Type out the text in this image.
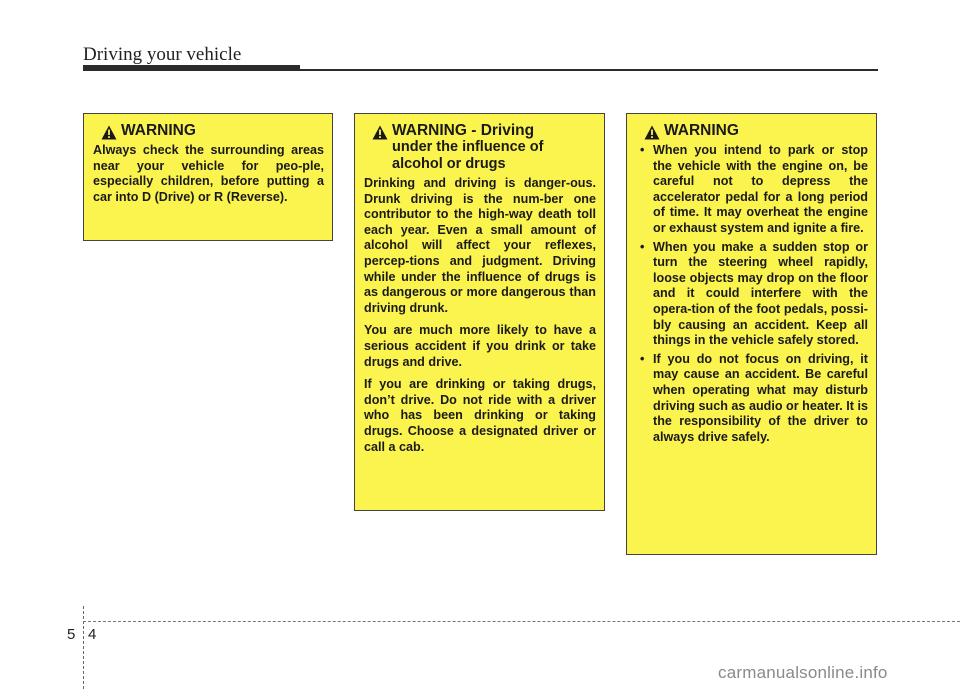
Driving your vehicle
WARNING

Always check the surrounding areas near your vehicle for peo-ple, especially children, before putting a car into D (Drive) or R (Reverse).

WARNING - Driving
under the influence of
alcohol or drugs

Drinking and driving is danger-ous. Drunk driving is the num-ber one contributor to the high-way death toll each year. Even a small amount of alcohol will affect your reflexes, percep-tions and judgment. Driving while under the influence of drugs is as dangerous or more dangerous than driving drunk.

You are much more likely to have a serious accident if you drink or take drugs and drive.

If you are drinking or taking drugs, don’t drive. Do not ride with a driver who has been drinking or taking drugs. Choose a designated driver or call a cab.

WARNING
• When you intend to park or stop the vehicle with the engine on, be careful not to depress the accelerator pedal for a long period of time. It may overheat the engine or exhaust system and ignite a fire.
• When you make a sudden stop or turn the steering wheel rapidly, loose objects may drop on the floor and it could interfere with the opera-tion of the foot pedals, possi-bly causing an accident. Keep all things in the vehicle safely stored.
• If you do not focus on driving, it may cause an accident. Be careful when operating what may disturb driving such as audio or heater. It is the responsibility of the driver to always drive safely.
5 4
carmanualsonline.info
